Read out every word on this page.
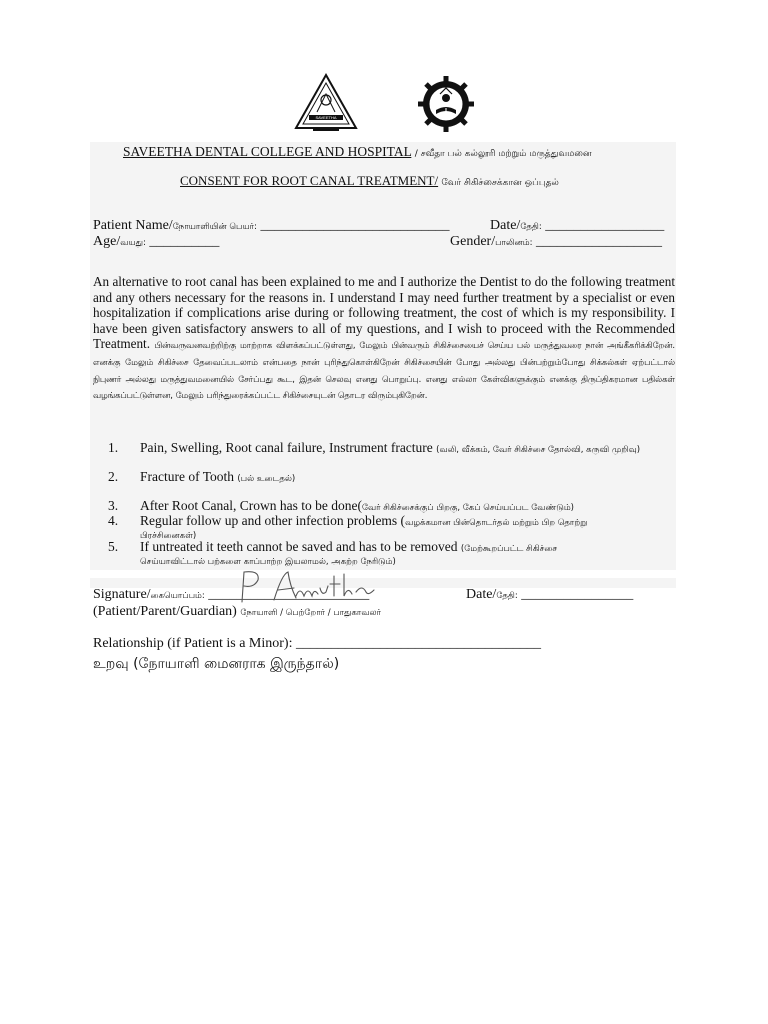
SAVEETHA
SAVEETHA DENTAL COLLEGE AND HOSPITAL / சவீதா பல் கல்லூரி மற்றும் மருத்துவமனை
CONSENT FOR ROOT CANAL TREATMENT/ வேர் சிகிச்சைக்கான ஒப்புதல்
Patient Name/நோயாளியின் பெயர்: ___________________________	Date/தேதி: _________________
Age/வயது: __________	Gender/பாலினம்: __________________
An alternative to root canal has been explained to me and I authorize the Dentist to do the following treatment and any others necessary for the reasons in. I understand I may need further treatment by a specialist or even hospitalization if complications arise during or following treatment, the cost of which is my responsibility. I have been given satisfactory answers to all of my questions, and I wish to proceed with the Recommended Treatment. பின்வருவனவற்றிற்கு மாற்றாக விளக்கப்பட்டுள்ளது, மேலும் பின்வரும் சிகிச்சையைச் செய்ய பல் மருத்துவரை நான் அங்கீகரிக்கிறேன். எனக்கு மேலும் சிகிச்சை தேவைப்படலாம் என்பதை நான் புரிந்துகொள்கிறேன் சிகிச்சையின் போது அல்லது பின்பற்றும்போது சிக்கல்கள் ஏற்பட்டால் நிபுணர் அல்லது மருத்துவமனையில் சேர்ப்பது கூட, இதன் செலவு எனது பொறுப்பு. எனது எல்லா கேள்விகளுக்கும் எனக்கு திருப்திகரமான பதில்கள் வழங்கப்பட்டுள்ளன, மேலும் பரிந்துரைக்கப்பட்ட சிகிச்சையுடன் தொடர விரும்புகிறேன்.
1. Pain, Swelling, Root canal failure, Instrument fracture (வலி, வீக்கம், வேர் சிகிச்சை தோல்வி, கருவி முறிவு)
2. Fracture of Tooth (பல் உடைதல்)
3. After Root Canal, Crown has to be done(வேர் சிகிச்சைக்குப் பிறகு, கேப் செய்யப்பட வேண்டும்)
4. Regular follow up and other infection problems (வழக்கமான பின்தொடர்தல் மற்றும் பிற தொற்று
பிரச்சினைகள்)
5. If untreated it teeth cannot be saved and has to be removed (மேற்கூறப்பட்ட சிகிச்சை
செய்யாவிட்டால் பற்களை காப்பாற்ற இயலாமல், அகற்ற நேரிடும்)
Signature/கையொப்பம்: _______________________	Date/தேதி: ________________
(Patient/Parent/Guardian) நோயாளி / பெற்றோர் / பாதுகாவலர்
Relationship (if Patient is a Minor): ___________________________________
உறவு (நோயாளி மைனராக இருந்தால்)
